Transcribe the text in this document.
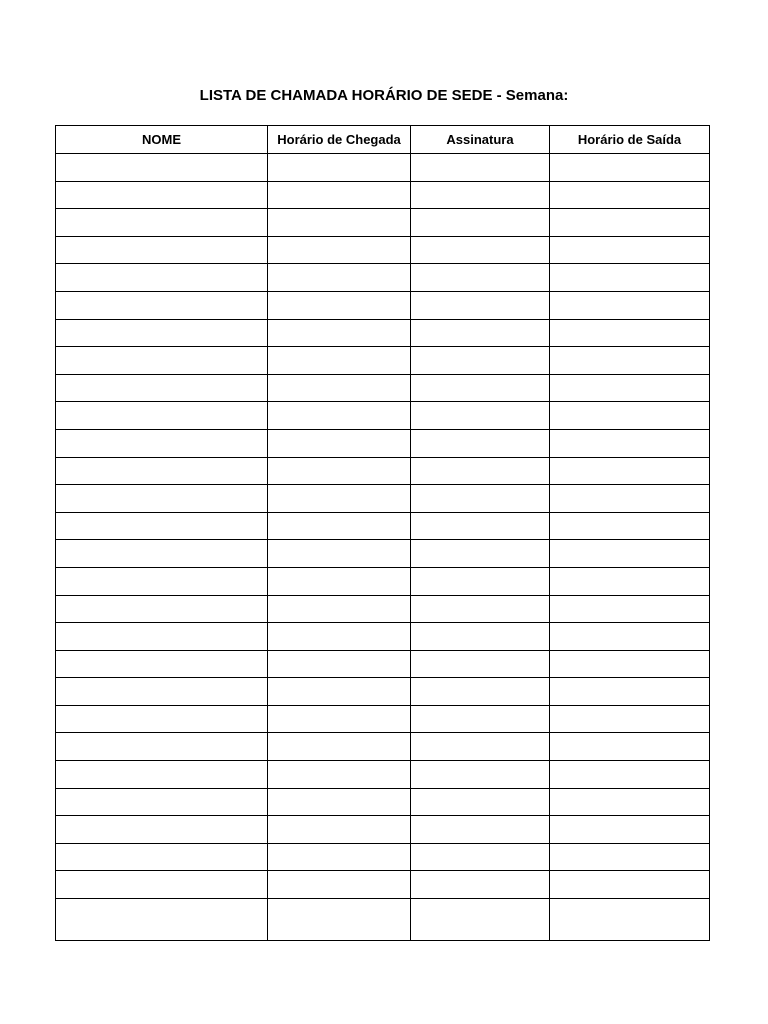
LISTA DE CHAMADA HORÁRIO DE SEDE - Semana:
NOME	Horário de Chegada	Assinatura	Horário de Saída
